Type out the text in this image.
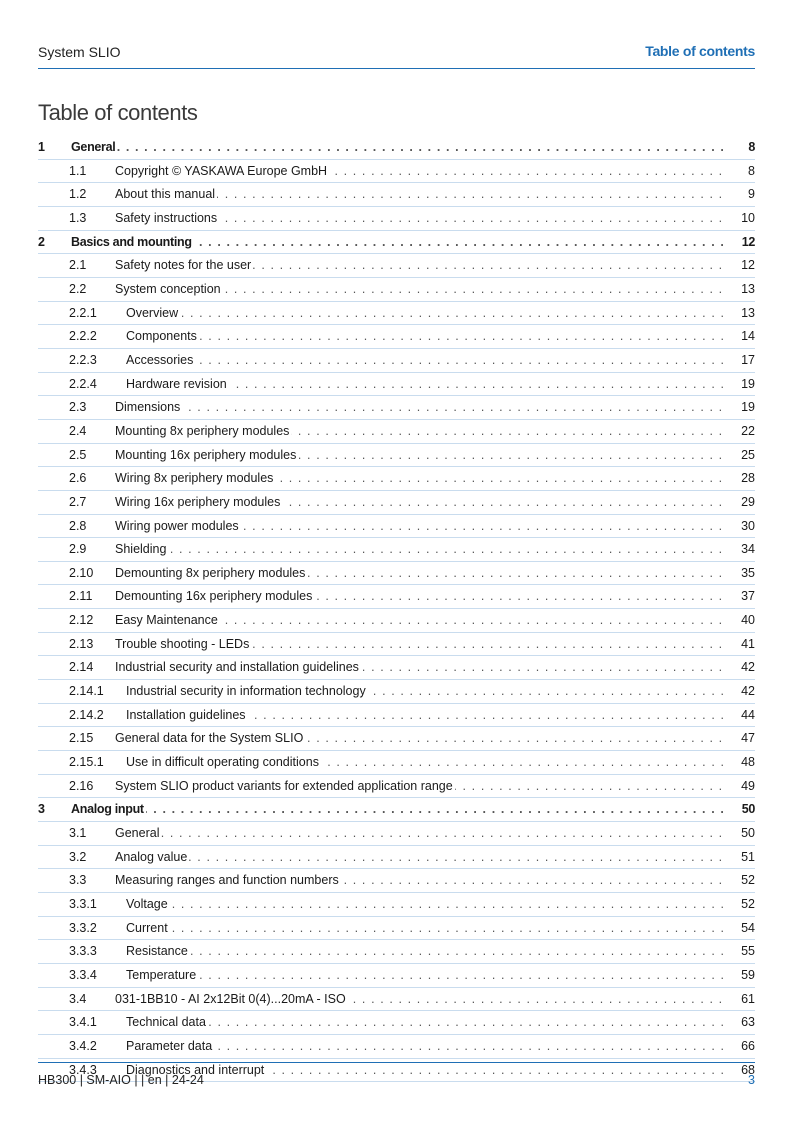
System SLIO	Table of contents
Table of contents
1 General . . .	8
1.1 Copyright © YASKAWA Europe GmbH . . .	8
1.2 About this manual . . .	9
1.3 Safety instructions . . .	10
2 Basics and mounting . . .	12
2.1 Safety notes for the user . . .	12
2.2 System conception . . .	13
2.2.1 Overview . . .	13
2.2.2 Components . . .	14
2.2.3 Accessories . . .	17
2.2.4 Hardware revision . . .	19
2.3 Dimensions . . .	19
2.4 Mounting 8x periphery modules . . .	22
2.5 Mounting 16x periphery modules . . .	25
2.6 Wiring 8x periphery modules . . .	28
2.7 Wiring 16x periphery modules . . .	29
2.8 Wiring power modules . . .	30
2.9 Shielding . . .	34
2.10 Demounting 8x periphery modules . . .	35
2.11 Demounting 16x periphery modules . . .	37
2.12 Easy Maintenance . . .	40
2.13 Trouble shooting - LEDs . . .	41
2.14 Industrial security and installation guidelines . . .	42
2.14.1 Industrial security in information technology . . .	42
2.14.2 Installation guidelines . . .	44
2.15 General data for the System SLIO . . .	47
2.15.1 Use in difficult operating conditions . . .	48
2.16 System SLIO product variants for extended application range . . .	49
3 Analog input . . .	50
3.1 General . . .	50
3.2 Analog value . . .	51
3.3 Measuring ranges and function numbers . . .	52
3.3.1 Voltage . . .	52
3.3.2 Current . . .	54
3.3.3 Resistance . . .	55
3.3.4 Temperature . . .	59
3.4 031-1BB10 - AI 2x12Bit 0(4)...20mA - ISO . . .	61
3.4.1 Technical data . . .	63
3.4.2 Parameter data . . .	66
3.4.3 Diagnostics and interrupt . . .	68
HB300 | SM-AIO | | en | 24-24	3
